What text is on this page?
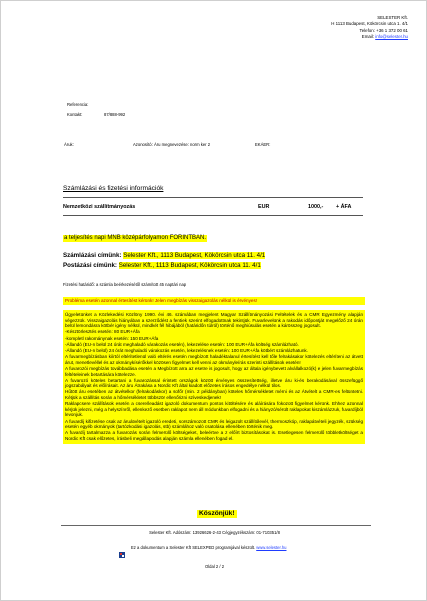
SELESTER Kft.
H 1113 Budapest, Kökörcsin utca 1. 4/1
Telefon: +36 1 372 00 61
Email: info@selester.hu
Referencia:
Kontakt:	87/888-992
Áruk:	Azonosító: Áru megnevezése: norm ker 2	EKÁER:
Számlázási és fizetési információk
Nemzetközi szállítmányozás	EUR	1000,- + ÁFA
a teljesítés napi MNB középárfolyamon FORINTBAN.
Számlázási címünk: Selester Kft., 1113 Budapest, Kökörcsin utca 11. 4/1
Postázási címünk: Selester Kft., 1113 Budapest, Kökörcsin utca 11. 4/1
Fizetési határidő: a számla beérkezésétől számított 45 naptári nap
Probléma esetén azonnal értesítést kérünk! Jelen megbízás visszaigazolás nélkül is érvényes!

Ügyeletünket a Közlekedési Közlöny 1990. évi 46. számában megjelent Magyar Szállítmányozási Feltételek és a CMR Egyezmény alapján végezzük. Visszaigazolás hiányában a szerződést a fentiek szerint elfogadottnak tekintjük. Fuvarlevelünk a rakodás időpontját megelőző 24 órán belül lemondásra kötbér igény nélkül, mindkét fél hibájából (határidőn túlról) történő meghiúsulás esetén a kárösszeg jogosult.

-Késztörlesztés esetén: 80 EUR+Áfa

-kompletl rakománynak esetén: 150 EUR+Áfa

-Állandó (EU-n belül 24 órát meghaladó várakozás esetén), lekezelése esetén: 100 EUR+Áfa költség számlázható.

-Állandó (EU-n belül) 24 órát meghaladó várakozás esetén, lekezelésnek esetén: 100 EUR+Áfa kötbért számlázhatunk.

A fuvarmegbízásban kiírtól eltérítetlenül való eltérés esetén megbízott haladéktalanul értesítést kell tőle felrakásakor kötelezés eltéríteni az átvett árut, menetlevéllel és az okmánykísérőkkel közösen figyelmet kell venni az okmányleírás szerinti szállítások esetén!

A fuvarozói megbízás továbbadása esetén a Megbízott arra az esetre is jogosult, hogy az általa igénybevett alvállalkozó(k) e jelen fuvarmegbízás feltételeinek betartására kötelezze.

A fuvarozó köteles betartani a fuvarozással érintett országok között érvényes összesítettség, illetve áru ki-és berakodásával összefüggő jogszabályait és előírásait. Az áru Átrakása a Nordic Kft által kiadott előzetes írásos engedélye nélkül tilos.

Hűtött áru esetében az átvételkor (felrakodáskor) a sofőr (min. 2 példányban) köteles hőmérsékletet mérni és az Átvételt a CMR-es feltüntetni. Kétjük a szállítás során a hőmérsékletet többször ellenőrizni szíveskedjenek!

Raklapcsere szállítások esetén a csere/leadást igazoló dokumentum pontos kitöltésére és aláírására fokozott figyelmet kérünk. Ehhez azonnal kérjük jelezni, még a helyszínről, ellenkező esetben raklapot nem áll módunkban elfogadni és a hiányzó/sérült raklapokat kiszámlázzuk, fuvardíjból levonjuk.

A fuvardíj kifizetése csak az áruátvételt igazoló eredeti, sorszámozott CMR és leigazolt szállítólevél, thermoszkóp, raklapátvételi jegyzék, szükség esetén egyéb okmányok (tartózkodási igazolás, stb) számlához való csatolása ellenében történik meg.

A fuvardíj tartalmazza a fuvarozás során felmerülő költségeket, beleértve a z előírt biztosításokat is. Esetlegesen felmerülő többletköltséget a Nordic Kft csak előzetes, írásbeli megállapodás alapján számla ellenében fogad el.

Köszönjük!
Selester Kft. Adószám: 13926626-2-43 Cégjegyzékszám: 01-710351/8
Ez a dokumentum a Selester Kft SELEXPED programjával készült. www.selester.hu
Oldal 2 / 2
